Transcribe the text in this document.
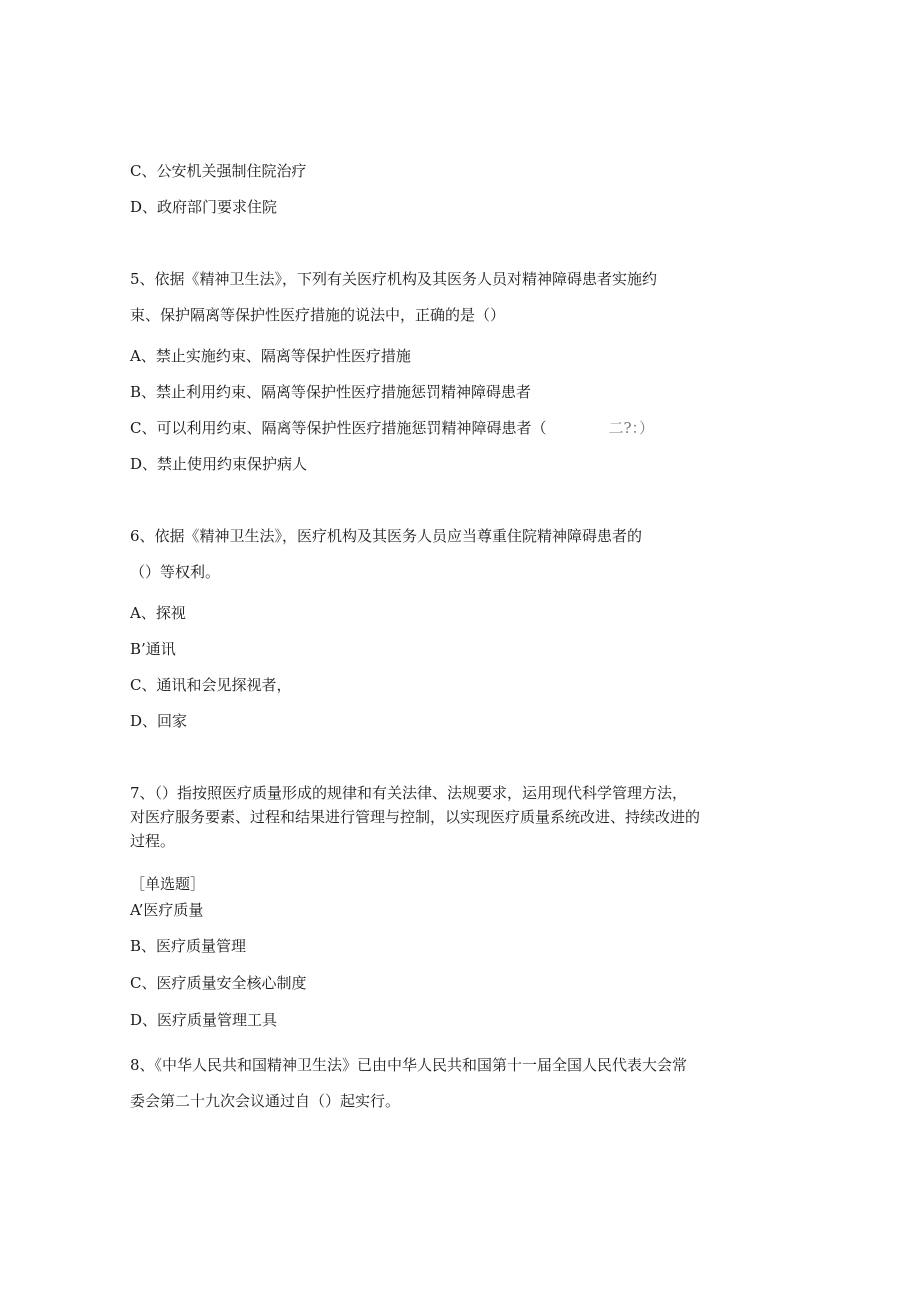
C、公安机关强制住院治疗
D、政府部门要求住院
5、依据《精神卫生法》，下列有关医疗机构及其医务人员对精神障碍患者实施约
束、保护隔离等保护性医疗措施的说法中，正确的是（）
A、禁止实施约束、隔离等保护性医疗措施
B、禁止利用约束、隔离等保护性医疗措施惩罚精神障碍患者
C、可以利用约束、隔离等保护性医疗措施惩罚精神障碍患者（	二?：）
D、禁止使用约束保护病人
6、依据《精神卫生法》，医疗机构及其医务人员应当尊重住院精神障碍患者的
（）等权利。
A、探视
B’通讯
C、通讯和会见探视者，
D、回家
7、（）指按照医疗质量形成的规律和有关法律、法规要求，运用现代科学管理方法，
对医疗服务要素、过程和结果进行管理与控制，以实现医疗质量系统改进、持续改进的
过程。
［单选题］
A’医疗质量
B、医疗质量管理
C、医疗质量安全核心制度
D、医疗质量管理工具
8、《中华人民共和国精神卫生法》已由中华人民共和国第十一届全国人民代表大会常
委会第二十九次会议通过自（）起实行。
